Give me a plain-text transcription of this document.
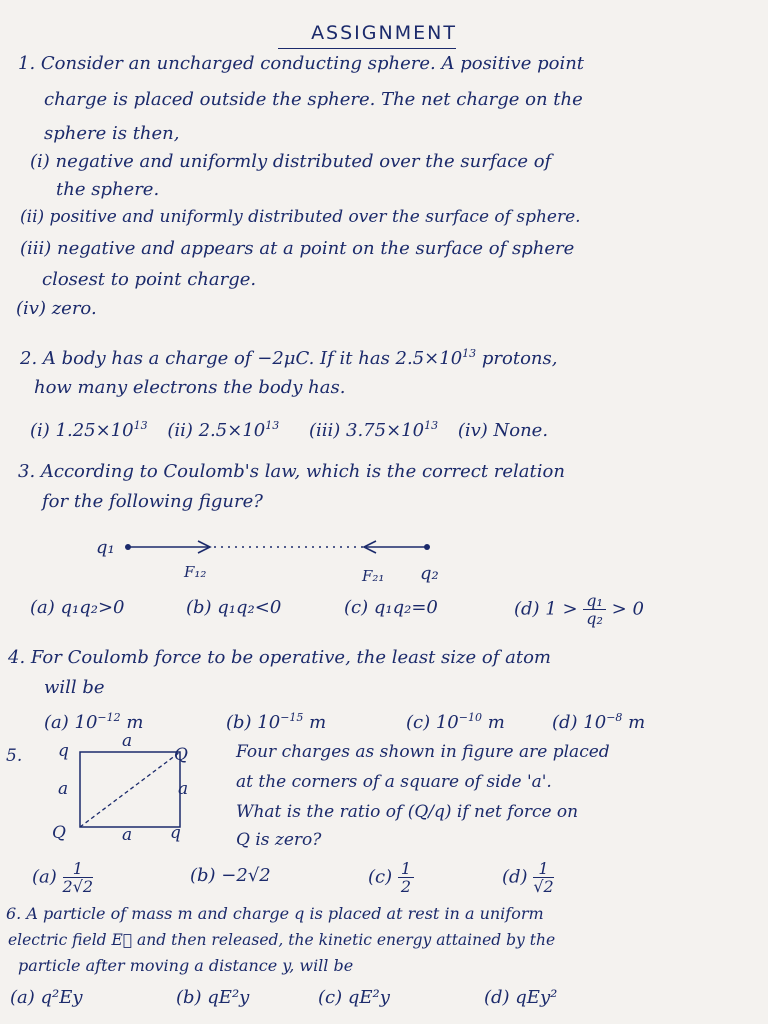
ASSIGNMENT
1. Consider an uncharged conducting sphere. A positive point
charge is placed outside the sphere. The net charge on the
sphere is then,
(i) negative and uniformly distributed over the surface of
the sphere.
(ii) positive and uniformly distributed over the surface of sphere.
(iii) negative and appears at a point on the surface of sphere
closest to point charge.
(iv) zero.
2. A body has a charge of −2μC. If it has $2.5\times 10^{13}$ protons,
how many electrons the body has.
(i) $1.25\times 10^{13}$ (ii) $2.5\times 10^{13}$ (iii) $3.75\times 10^{13}$ (iv) None.
3. According to Coulomb's law, which is the correct relation
for the following figure?
q₁
F₁₂	F₂₁ q₂
(a) q₁q₂>0	(b) q₁q₂<0	(c) q₁q₂=0	(d) $1 > \frac{\text{q₁}}{\text{q₂}} > 0$
4. For Coulomb force to be operative, the least size of atom
will be
(a) $10^{-12}$ m	(b) $10^{-15}$ m	(c) $10^{-10}$ m	(d) $10^{-8}$ m
5. q	a
Q
a	a
Q	a q
Four charges as shown in figure are placed
at the corners of a square of side 'a'.
What is the ratio of (Q/q) if net force on
Q is zero?
$(a) \frac{1}{2√2}$	(b) −2√2	$(c) \frac{1}{2}$	$(d) \frac{1}{√2}$
6. A particle of mass m and charge q is placed at rest in a uniform
electric field E⃗ and then released, the kinetic energy attained by the
particle after moving a distance y, will be
(a) q²Ey	(b) qE²y	(c) qE²y	(d) qEy²
